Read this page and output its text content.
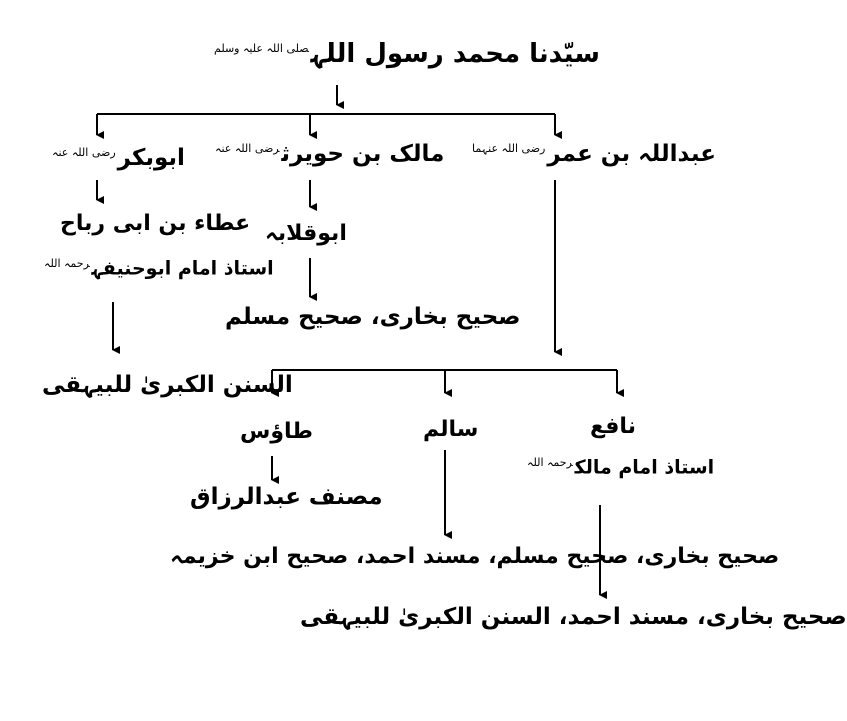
سیّدنا محمد رسول اللہ$^{صلی اللہ علیہ وسلم}$
عبداللہ بن عمر$^{رضی اللہ عنہما}$
مالک بن حویرث$^{رضی اللہ عنہ}$
ابوبکر$^{رضی اللہ عنہ}$
عطاء بن ابی رباح
استاذ امام ابوحنیفہ$^{رحمہ اللہ}$
السنن الکبریٰ للبیہقی
ابوقلابہ
صحیح بخاری، صحیح مسلم
نافع
استاذ امام مالک$^{رحمہ اللہ}$
سالم
طاؤس
مصنف عبدالرزاق
صحیح بخاری، صحیح مسلم، مسند احمد، صحیح ابن خزیمہ
صحیح بخاری، مسند احمد، السنن الکبریٰ للبیہقی
